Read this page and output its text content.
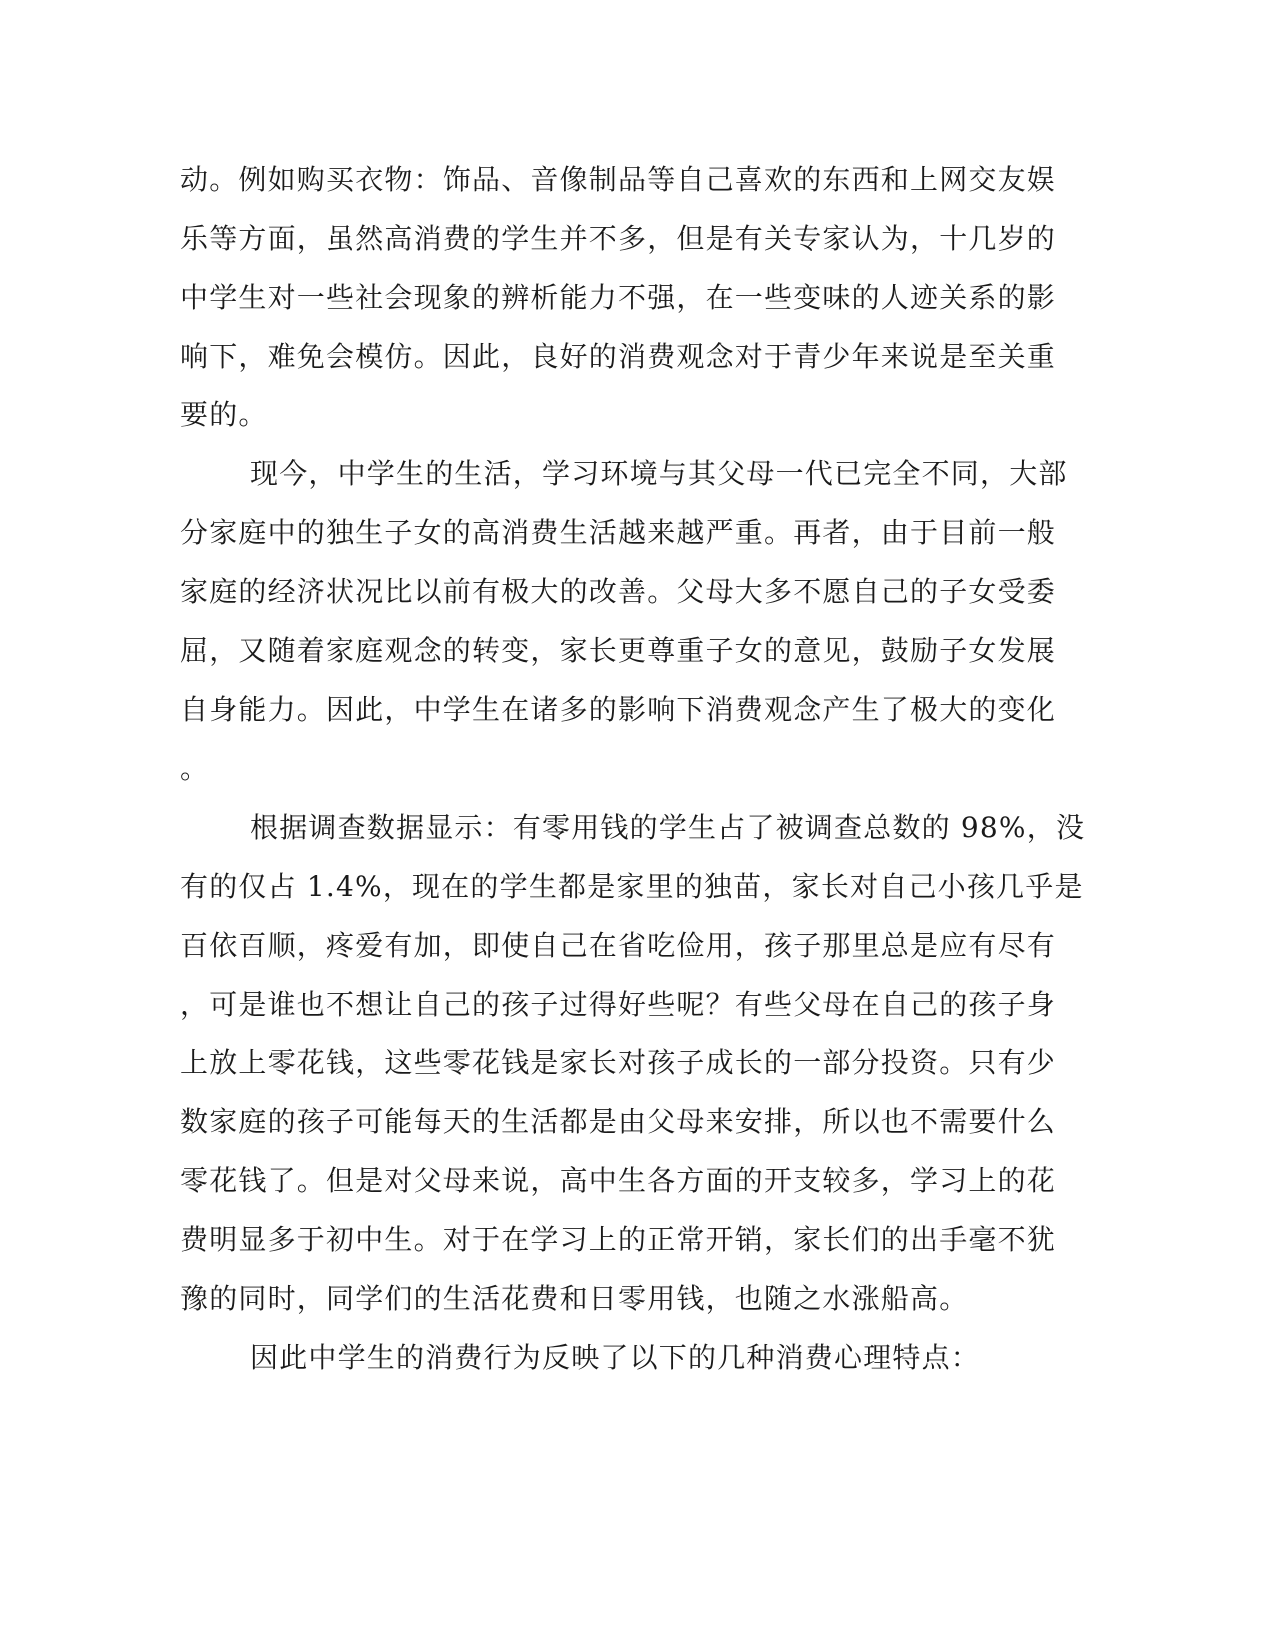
动。例如购买衣物：饰品、音像制品等自己喜欢的东西和上网交友娱
乐等方面，虽然高消费的学生并不多，但是有关专家认为，十几岁的
中学生对一些社会现象的辨析能力不强，在一些变味的人迹关系的影
响下，难免会模仿。因此，良好的消费观念对于青少年来说是至关重
要的。
现今，中学生的生活，学习环境与其父母一代已完全不同，大部
分家庭中的独生子女的高消费生活越来越严重。再者，由于目前一般
家庭的经济状况比以前有极大的改善。父母大多不愿自己的子女受委
屈，又随着家庭观念的转变，家长更尊重子女的意见，鼓励子女发展
自身能力。因此，中学生在诸多的影响下消费观念产生了极大的变化
。
根据调查数据显示：有零用钱的学生占了被调查总数的 98%，没
有的仅占 1.4%，现在的学生都是家里的独苗，家长对自己小孩几乎是
百依百顺，疼爱有加，即使自己在省吃俭用，孩子那里总是应有尽有
，可是谁也不想让自己的孩子过得好些呢？有些父母在自己的孩子身
上放上零花钱，这些零花钱是家长对孩子成长的一部分投资。只有少
数家庭的孩子可能每天的生活都是由父母来安排，所以也不需要什么
零花钱了。但是对父母来说，高中生各方面的开支较多，学习上的花
费明显多于初中生。对于在学习上的正常开销，家长们的出手毫不犹
豫的同时，同学们的生活花费和日零用钱，也随之水涨船高。
因此中学生的消费行为反映了以下的几种消费心理特点：
